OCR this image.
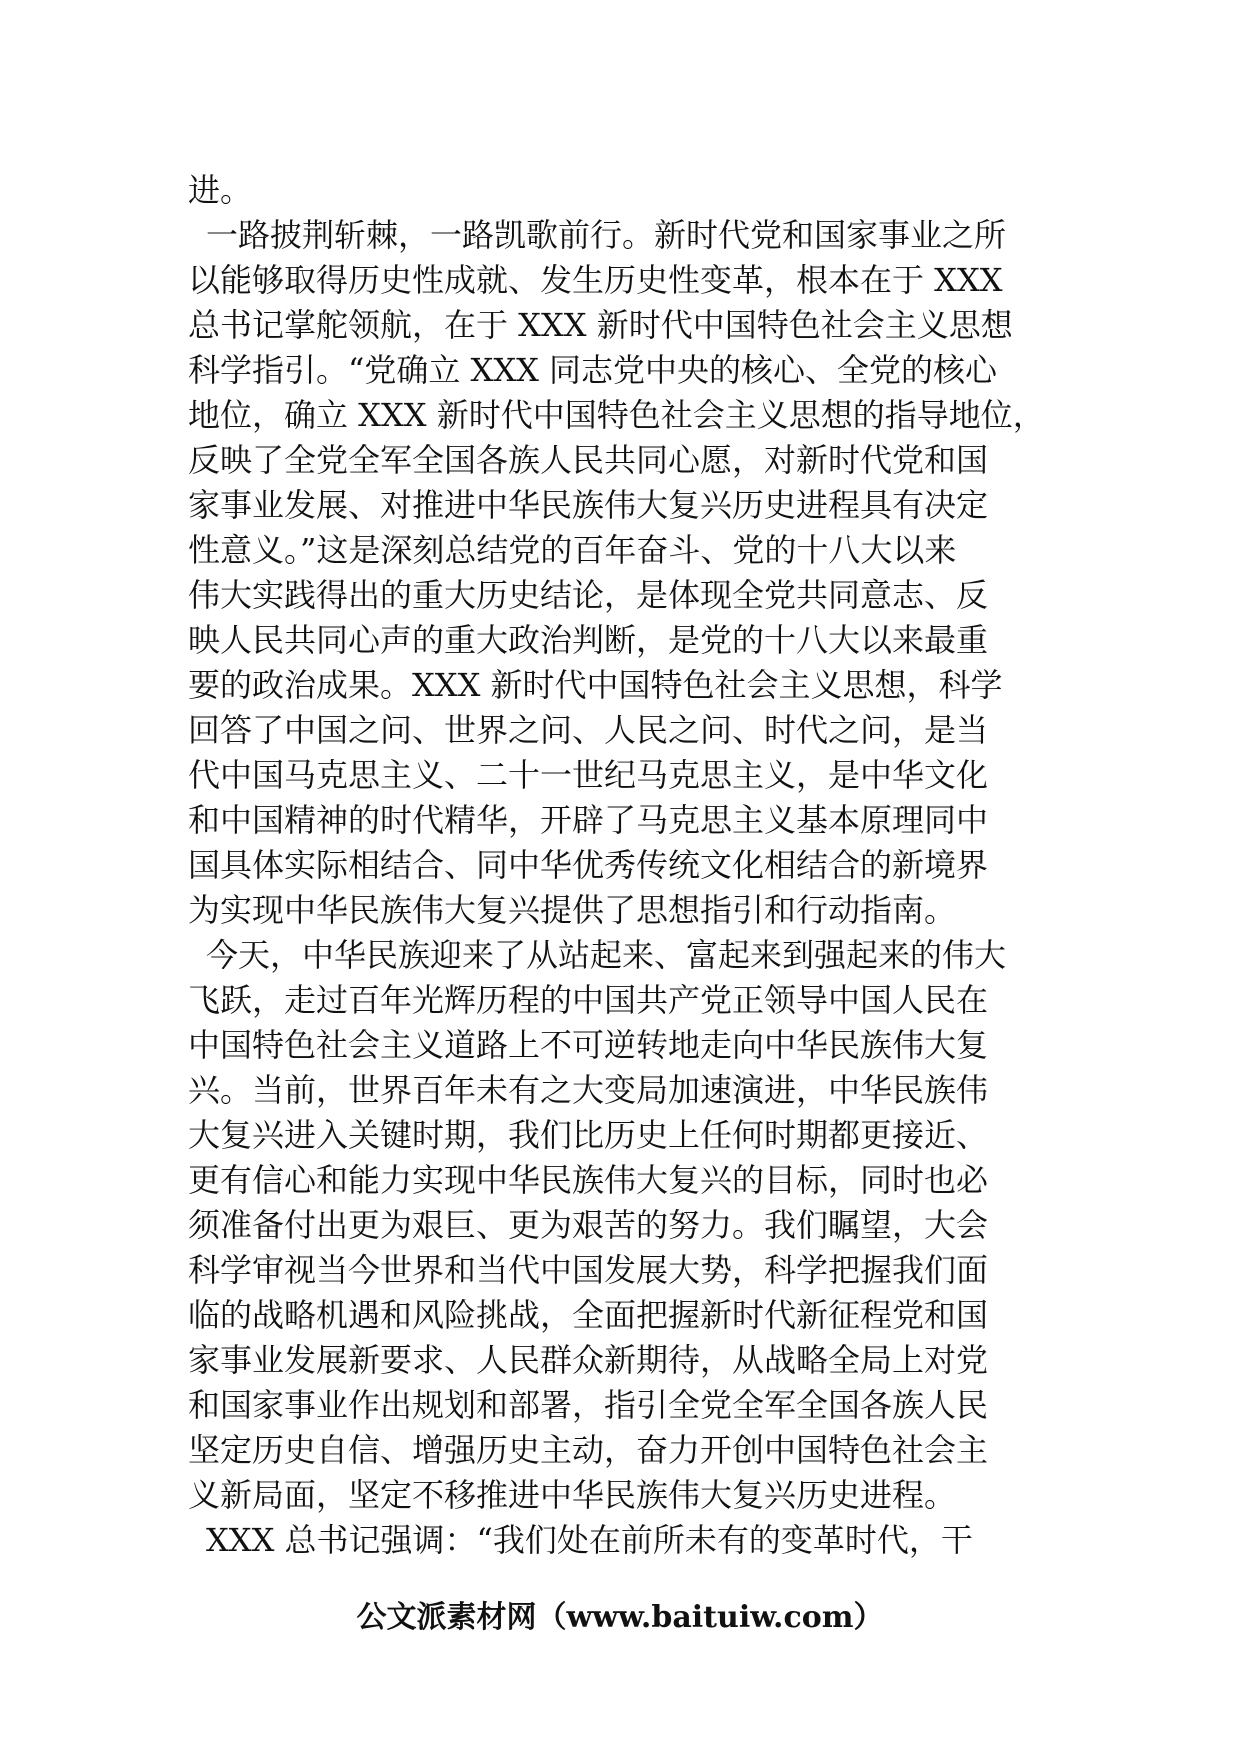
进。
一路披荆斩棘，一路凯歌前行。新时代党和国家事业之所
以能够取得历史性成就、发生历史性变革，根本在于 XXX
总书记掌舵领航，在于 XXX 新时代中国特色社会主义思想
科学指引。“党确立 XXX 同志党中央的核心、全党的核心
地位，确立 XXX 新时代中国特色社会主义思想的指导地位，
反映了全党全军全国各族人民共同心愿，对新时代党和国
家事业发展、对推进中华民族伟大复兴历史进程具有决定
性意义。”这是深刻总结党的百年奋斗、党的十八大以来
伟大实践得出的重大历史结论，是体现全党共同意志、反
映人民共同心声的重大政治判断，是党的十八大以来最重
要的政治成果。XXX 新时代中国特色社会主义思想，科学
回答了中国之问、世界之问、人民之问、时代之问，是当
代中国马克思主义、二十一世纪马克思主义，是中华文化
和中国精神的时代精华，开辟了马克思主义基本原理同中
国具体实际相结合、同中华优秀传统文化相结合的新境界
为实现中华民族伟大复兴提供了思想指引和行动指南。
今天，中华民族迎来了从站起来、富起来到强起来的伟大
飞跃，走过百年光辉历程的中国共产党正领导中国人民在
中国特色社会主义道路上不可逆转地走向中华民族伟大复
兴。当前，世界百年未有之大变局加速演进，中华民族伟
大复兴进入关键时期，我们比历史上任何时期都更接近、
更有信心和能力实现中华民族伟大复兴的目标，同时也必
须准备付出更为艰巨、更为艰苦的努力。我们瞩望，大会
科学审视当今世界和当代中国发展大势，科学把握我们面
临的战略机遇和风险挑战，全面把握新时代新征程党和国
家事业发展新要求、人民群众新期待，从战略全局上对党
和国家事业作出规划和部署，指引全党全军全国各族人民
坚定历史自信、增强历史主动，奋力开创中国特色社会主
义新局面，坚定不移推进中华民族伟大复兴历史进程。
XXX 总书记强调：“我们处在前所未有的变革时代，干
公文派素材网（www.baituiw.com）
